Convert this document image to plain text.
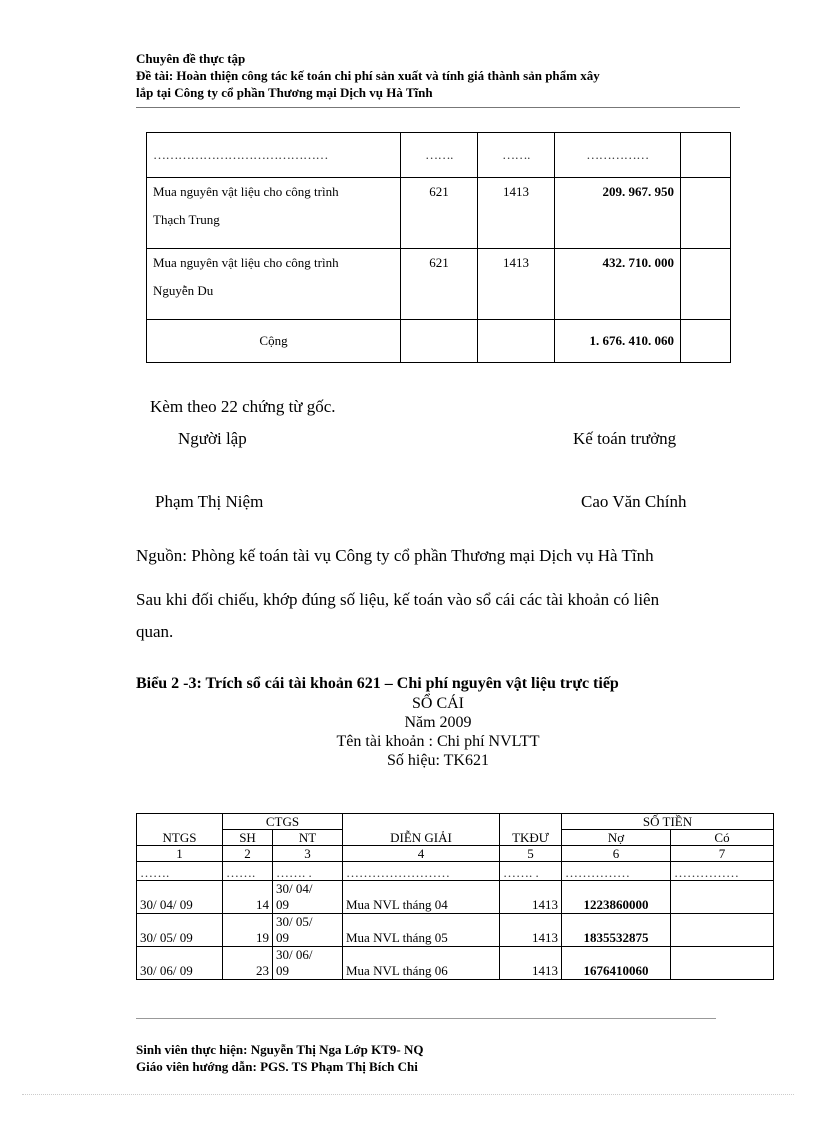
Chuyên đề thực tập
Đề tài: Hoàn thiện công tác kế toán chi phí sản xuất và tính giá thành sản phẩm xây
lắp tại Công ty cổ phần Thương mại Dịch vụ Hà Tĩnh
……………………………………	…….	…….	……………	

Mua nguyên vật liệu cho công trình
Thạch Trung	621	1413	209. 967. 950	

Mua nguyên vật liệu cho công trình
Nguyễn Du	621	1413	432. 710. 000	
Cộng			1. 676. 410. 060	
Kèm theo 22 chứng từ gốc.
Người lập	Kế toán trưởng
Phạm Thị Niệm	Cao Văn Chính
Nguồn: Phòng kế toán tài vụ Công ty cổ phần Thương mại Dịch vụ Hà Tĩnh
Sau khi đối chiếu, khớp đúng số liệu, kế toán vào sổ cái các tài khoản có liên
quan.
Biểu 2 -3: Trích sổ cái tài khoản 621 – Chi phí nguyên vật liệu trực tiếp
SỔ CÁI
Năm 2009
Tên tài khoản : Chi phí NVLTT
Số hiệu: TK621
NTGS	CTGS		DIỄN GIẢI	TKĐƯ	SỐ TIỀN	
	SH	NT			Nợ	Có
1	2	3	4	5	6	7
…….	…….	……. .	……………………	……. .	……………	……………
30/ 04/ 09	14	30/ 04/
09	Mua NVL tháng 04	1413	1223860000	
30/ 05/ 09	19	30/ 05/
09	Mua NVL tháng 05	1413	1835532875	
30/ 06/ 09	23	30/ 06/
09	Mua NVL tháng 06	1413	1676410060	
Sinh viên thực hiện: Nguyễn Thị Nga Lớp KT9- NQ
Giáo viên hướng dẫn: PGS. TS Phạm Thị Bích Chi
